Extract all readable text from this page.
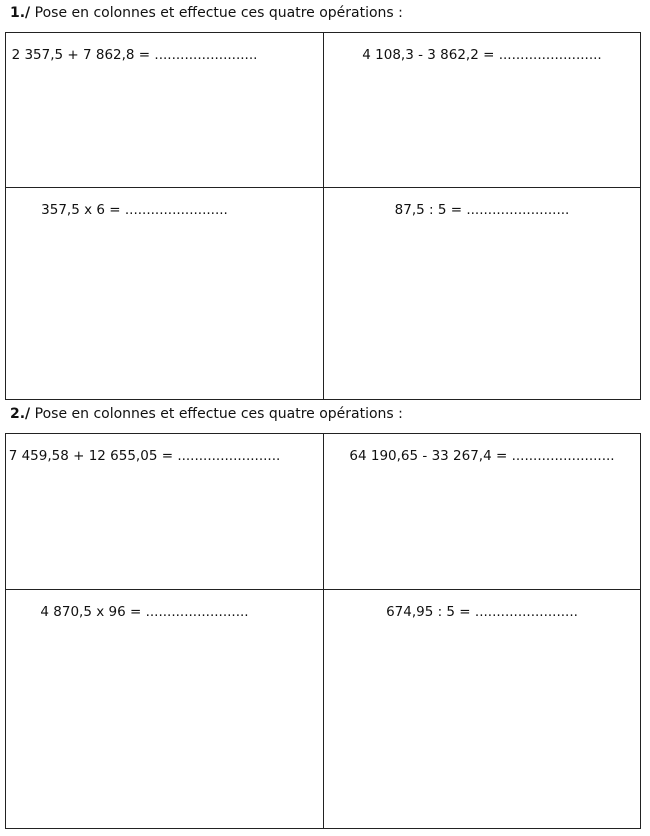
1./ Pose en colonnes et effectue ces quatre opérations :
2 357,5 + 7 862,8 = ........................	4 108,3 - 3 862,2 = ........................
357,5 x 6 = ........................	87,5 : 5 = ........................
2./ Pose en colonnes et effectue ces quatre opérations :
7 459,58 + 12 655,05 = ........................	64 190,65 - 33 267,4 = ........................
4 870,5 x 96 = ........................	674,95 : 5 = ........................
